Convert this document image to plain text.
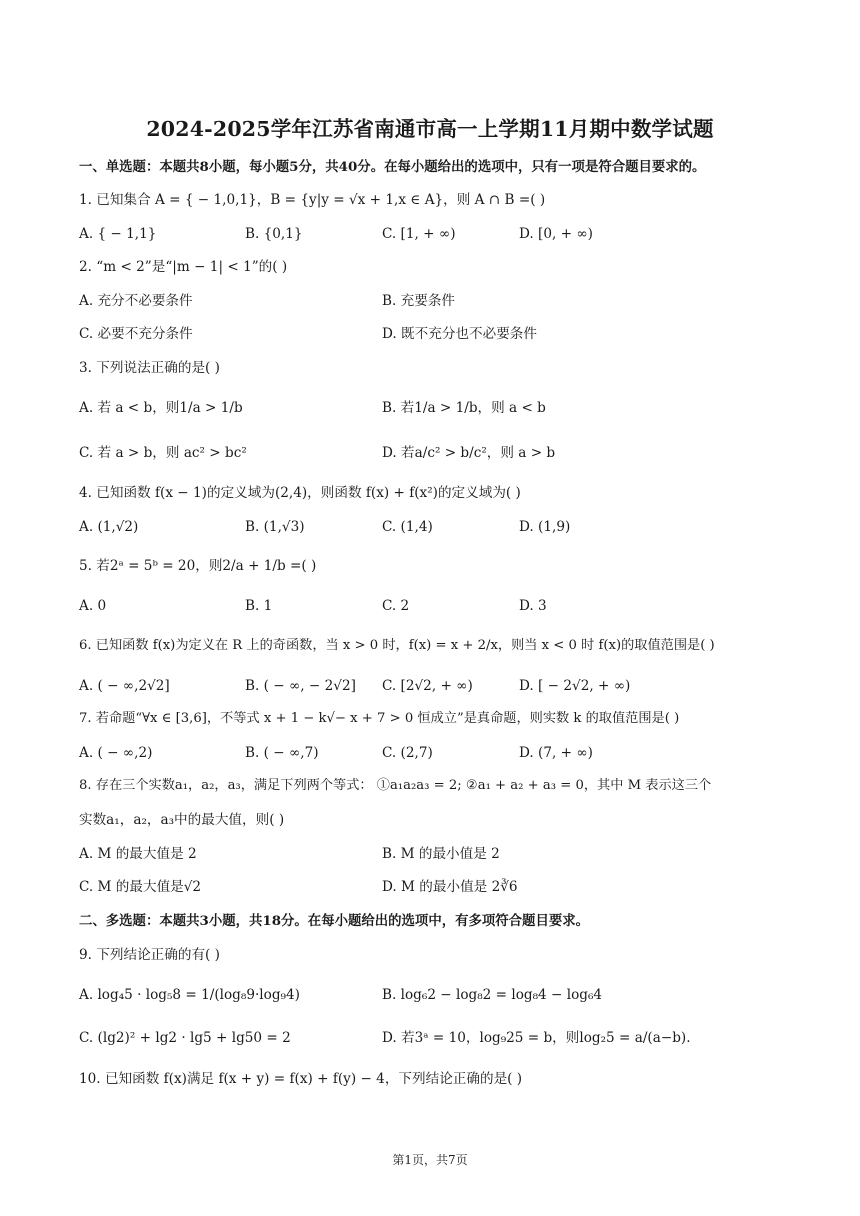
2024-2025学年江苏省南通市高一上学期11月期中数学试题
一、单选题：本题共8小题，每小题5分，共40分。在每小题给出的选项中，只有一项是符合题目要求的。
1. 已知集合 A = { − 1,0,1}，B = {y|y = √x + 1,x ∈ A}，则 A ∩ B =( )
A. { − 1,1}	B. {0,1}	C. [1, + ∞)	D. [0, + ∞)
2. “m < 2”是“|m − 1| < 1”的( )
A. 充分不必要条件	B. 充要条件
C. 必要不充分条件	D. 既不充分也不必要条件
3. 下列说法正确的是( )
A. 若 a < b，则1/a > 1/b	B. 若1/a > 1/b，则 a < b
C. 若 a > b，则 ac² > bc²	D. 若a/c² > b/c²，则 a > b
4. 已知函数 f(x − 1)的定义域为(2,4)，则函数 f(x) + f(x²)的定义域为( )
A. (1,√2)	B. (1,√3)	C. (1,4)	D. (1,9)
5. 若2ᵃ = 5ᵇ = 20，则2/a + 1/b =( )
A. 0	B. 1	C. 2	D. 3
6. 已知函数 f(x)为定义在 R 上的奇函数，当 x > 0 时，f(x) = x + 2/x，则当 x < 0 时 f(x)的取值范围是( )
A. ( − ∞,2√2]	B. ( − ∞, − 2√2] C. [2√2, + ∞)	D. [ − 2√2, + ∞)
7. 若命题“∀x ∈ [3,6]，不等式 x + 1 − k√− x + 7 > 0 恒成立”是真命题，则实数 k 的取值范围是( )
A. ( − ∞,2)	B. ( − ∞,7)	C. (2,7)	D. (7, + ∞)
8. 存在三个实数a₁，a₂，a₃，满足下列两个等式： ①a₁a₂a₃ = 2; ②a₁ + a₂ + a₃ = 0，其中 M 表示这三个
实数a₁，a₂，a₃中的最大值，则( )
A. M 的最大值是 2	B. M 的最小值是 2
C. M 的最大值是√2	D. M 的最小值是 2∛6
二、多选题：本题共3小题，共18分。在每小题给出的选项中，有多项符合题目要求。
9. 下列结论正确的有( )
A. log₄5 · log₅8 = 1/(log₈9·log₉4)	B. log₆2 − log₈2 = log₈4 − log₆4
C. (lg2)² + lg2 · lg5 + lg50 = 2	D. 若3ᵃ = 10，log₉25 = b，则log₂5 = a/(a−b).
10. 已知函数 f(x)满足 f(x + y) = f(x) + f(y) − 4，下列结论正确的是( )
第1页，共7页
